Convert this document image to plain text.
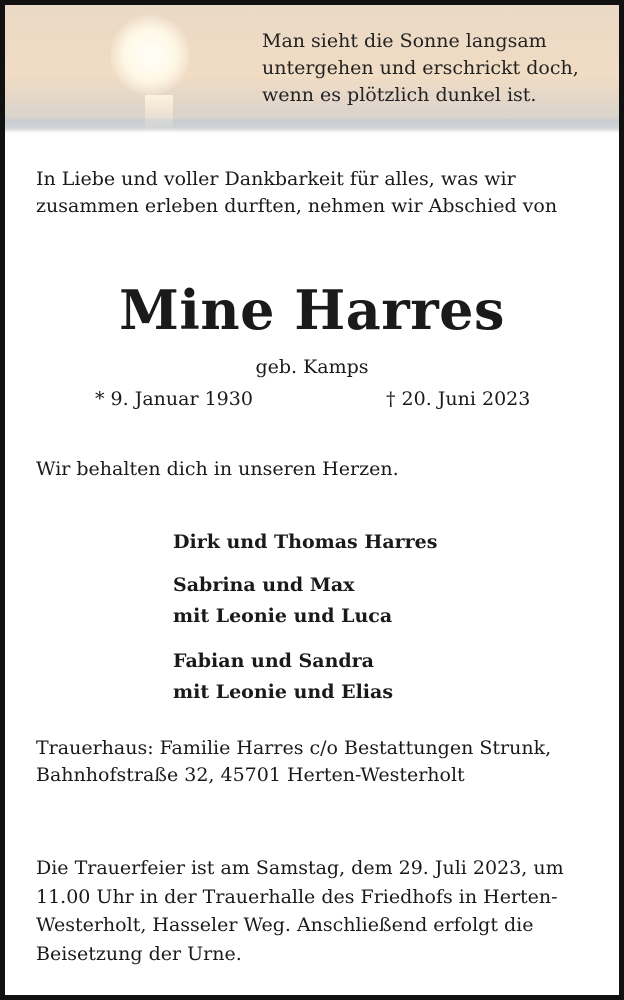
Man sieht die Sonne langsam
untergehen und erschrickt doch,
wenn es plötzlich dunkel ist.
In Liebe und voller Dankbarkeit für alles, was wir
zusammen erleben durften, nehmen wir Abschied von
Mine Harres
geb. Kamps
* 9. Januar 1930	† 20. Juni 2023
Wir behalten dich in unseren Herzen.
Dirk und Thomas Harres
Sabrina und Max
mit Leonie und Luca
Fabian und Sandra
mit Leonie und Elias
Trauerhaus: Familie Harres c/o Bestattungen Strunk,
Bahnhofstraße 32, 45701 Herten-Westerholt
Die Trauerfeier ist am Samstag, dem 29. Juli 2023, um
11.00 Uhr in der Trauerhalle des Friedhofs in Herten-
Westerholt, Hasseler Weg. Anschließend erfolgt die
Beisetzung der Urne.
